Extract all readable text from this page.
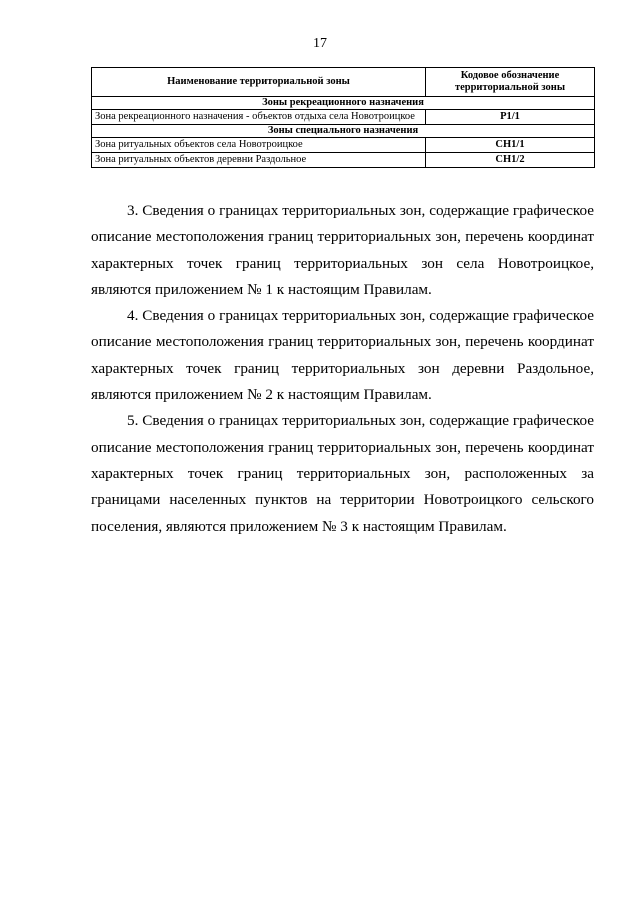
17
Наименование территориальной зоны	Кодовое обозначение территориальной зоны
Зоны рекреационного назначения	
Зона рекреационного назначения - объектов отдыха села Новотроицкое	Р1/1
Зоны специального назначения	
Зона ритуальных объектов села Новотроицкое	СН1/1
Зона ритуальных объектов деревни Раздольное	СН1/2

3. Сведения о границах территориальных зон, содержащие графическое описание местоположения границ территориальных зон, перечень координат характерных точек границ территориальных зон села Новотроицкое, являются приложением № 1 к настоящим Правилам.

4. Сведения о границах территориальных зон, содержащие графическое описание местоположения границ территориальных зон, перечень координат характерных точек границ территориальных зон деревни Раздольное, являются приложением № 2 к настоящим Правилам.

5. Сведения о границах территориальных зон, содержащие графическое описание местоположения границ территориальных зон, перечень координат характерных точек границ территориальных зон, расположенных за границами населенных пунктов на территории Новотроицкого сельского поселения, являются приложением № 3 к настоящим Правилам.
